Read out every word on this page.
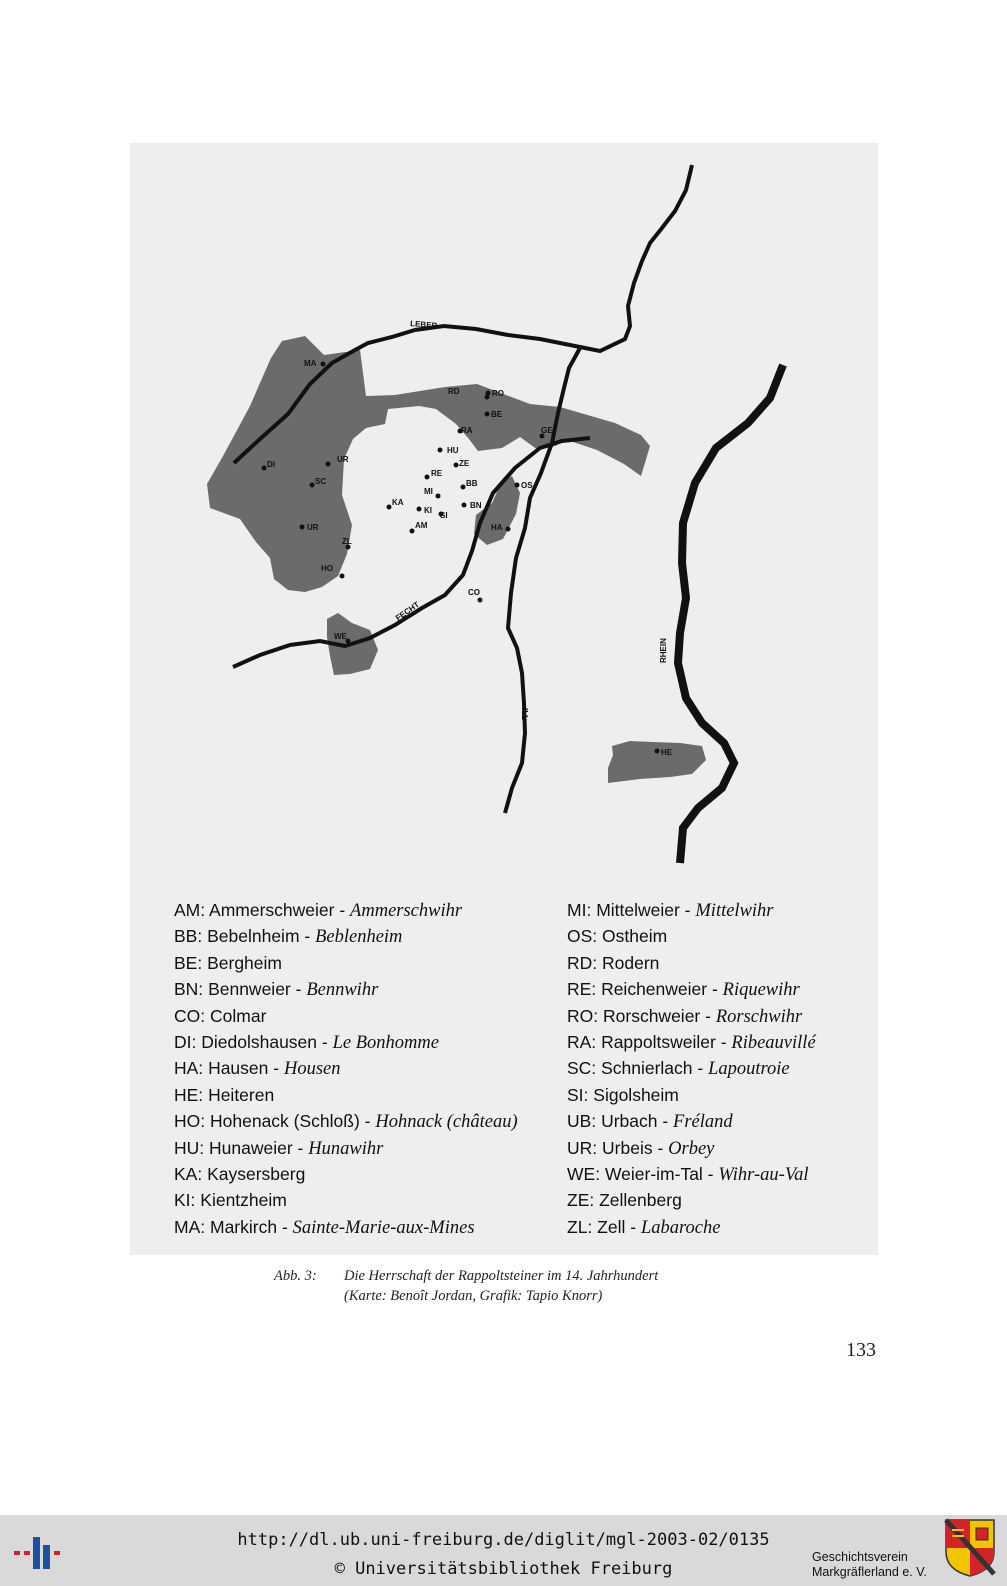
LEBER
FECHT
ILL
RHEIN
MA
RD	RO
BE
RA	GE
HU
ZE
RE
BB	OS
MI
BN
SI
KA
KI
AM	HA
DI
UR
SC
UR
ZL
HO
CO
WE
HE
AM: Ammerschweier - Ammerschwihr
BB: Bebelnheim - Beblenheim
BE: Bergheim
BN: Bennweier - Bennwihr
CO: Colmar
DI: Diedolshausen - Le Bonhomme
HA: Hausen - Housen
HE: Heiteren
HO: Hohenack (Schloß) - Hohnack (château)
HU: Hunaweier - Hunawihr
KA: Kaysersberg
KI: Kientzheim
MA: Markirch - Sainte-Marie-aux-Mines
MI: Mittelweier - Mittelwihr
OS: Ostheim
RD: Rodern
RE: Reichenweier - Riquewihr
RO: Rorschweier - Rorschwihr
RA: Rappoltsweiler - Ribeauvillé
SC: Schnierlach - Lapoutroie
SI: Sigolsheim
UB: Urbach - Fréland
UR: Urbeis - Orbey
WE: Weier-im-Tal - Wihr-au-Val
ZE: Zellenberg
ZL: Zell - Labaroche
Abb. 3: Die Herrschaft der Rappoltsteiner im 14. Jahrhundert
(Karte: Benoît Jordan, Grafik: Tapio Knorr)
133
http://dl.ub.uni-freiburg.de/diglit/mgl-2003-02/0135
© Universitätsbibliothek Freiburg
Geschichtsverein
Markgräflerland e. V.
